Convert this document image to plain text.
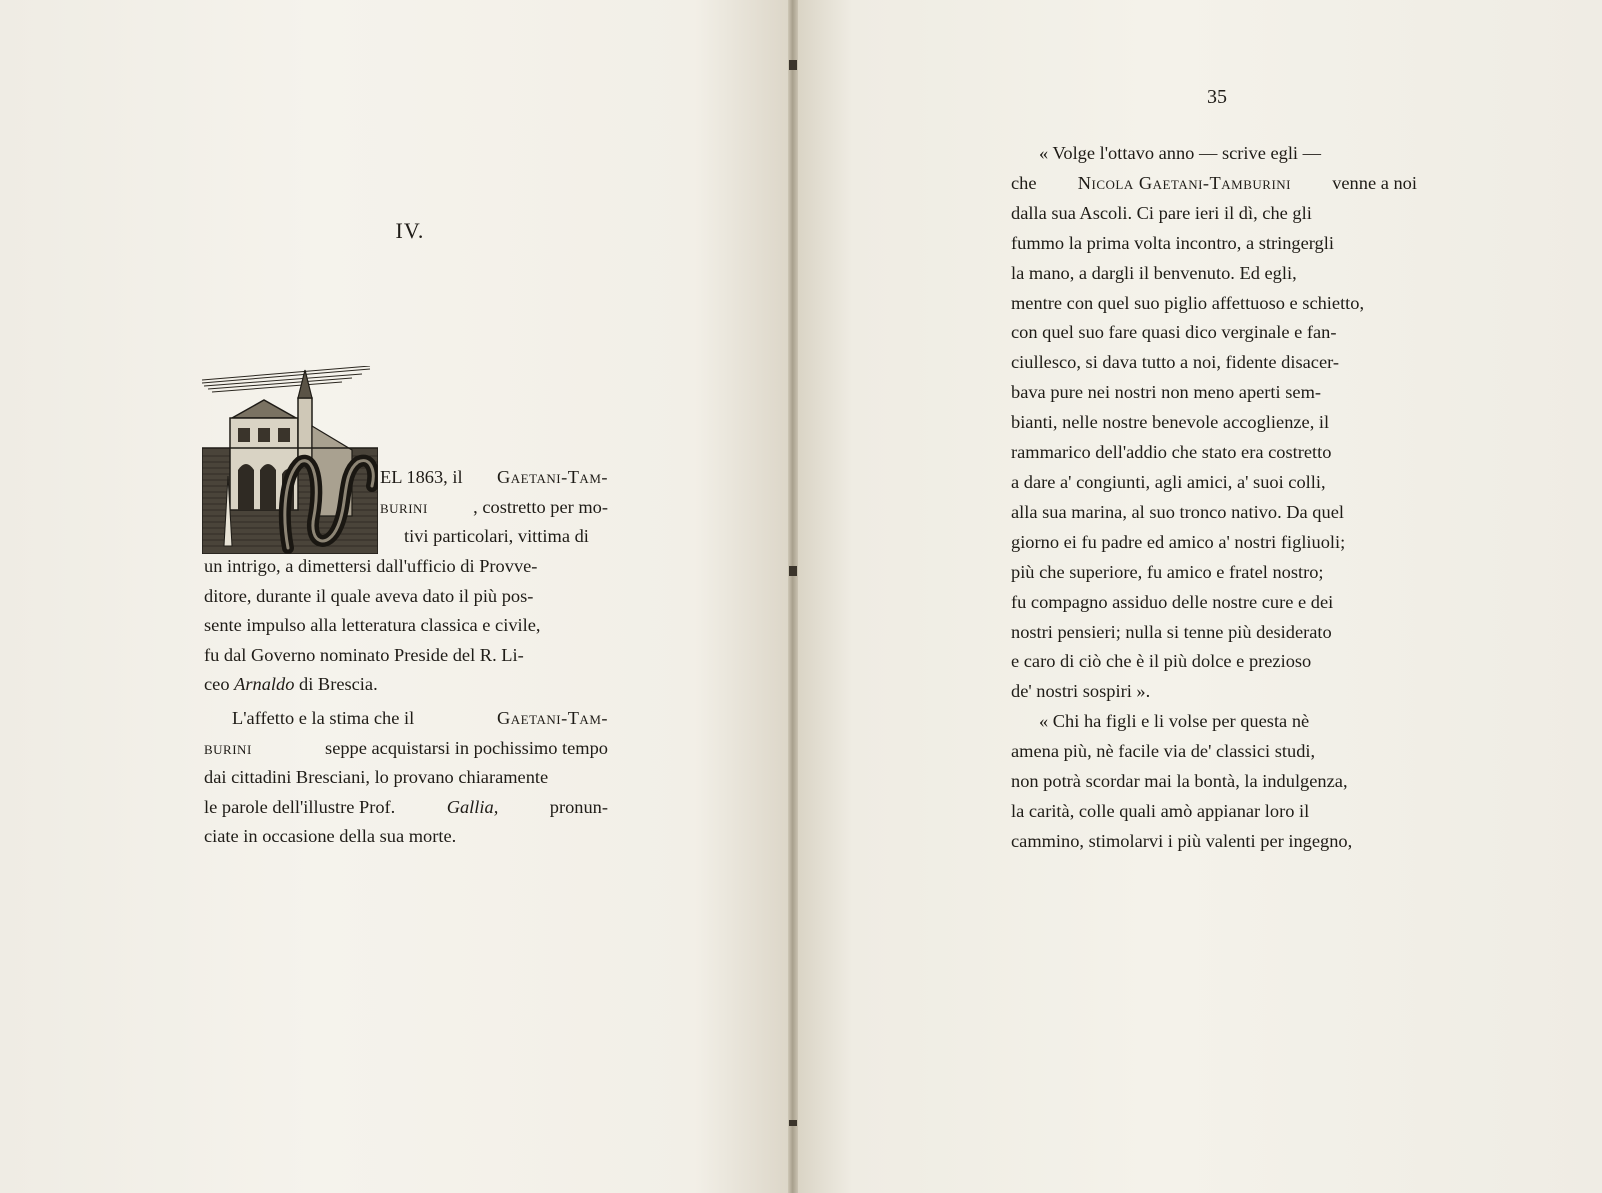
IV.
EL 1863, il Gaetani-Tam-
burini , costretto per mo-
tivi particolari, vittima di
un intrigo, a dimettersi dall'ufficio di Provve-
ditore, durante il quale aveva dato il più pos-
sente impulso alla letteratura classica e civile,
fu dal Governo nominato Preside del R. Li-
ceo Arnaldo di Brescia.
L'affetto e la stima che il	Gaetani-Tam-
burini	seppe acquistarsi in pochissimo tempo
dai cittadini Bresciani, lo provano chiaramente
le parole dell'illustre Prof.	Gallia,	pronun-
ciate in occasione della sua morte.
35
« Volge l'ottavo anno — scrive egli —
che Nicola Gaetani-Tamburini venne a noi
dalla sua Ascoli. Ci pare ieri il dì, che gli
fummo la prima volta incontro, a stringergli
la mano, a dargli il benvenuto. Ed egli,
mentre con quel suo piglio affettuoso e schietto,
con quel suo fare quasi dico verginale e fan-
ciullesco, si dava tutto a noi, fidente disacer-
bava pure nei nostri non meno aperti sem-
bianti, nelle nostre benevole accoglienze, il
rammarico dell'addio che stato era costretto
a dare a' congiunti, agli amici, a' suoi colli,
alla sua marina, al suo tronco nativo. Da quel
giorno ei fu padre ed amico a' nostri figliuoli;
più che superiore, fu amico e fratel nostro;
fu compagno assiduo delle nostre cure e dei
nostri pensieri; nulla si tenne più desiderato
e caro di ciò che è il più dolce e prezioso
de' nostri sospiri ».
« Chi ha figli e li volse per questa nè
amena più, nè facile via de' classici studi,
non potrà scordar mai la bontà, la indulgenza,
la carità, colle quali amò appianar loro il
cammino, stimolarvi i più valenti per ingegno,
